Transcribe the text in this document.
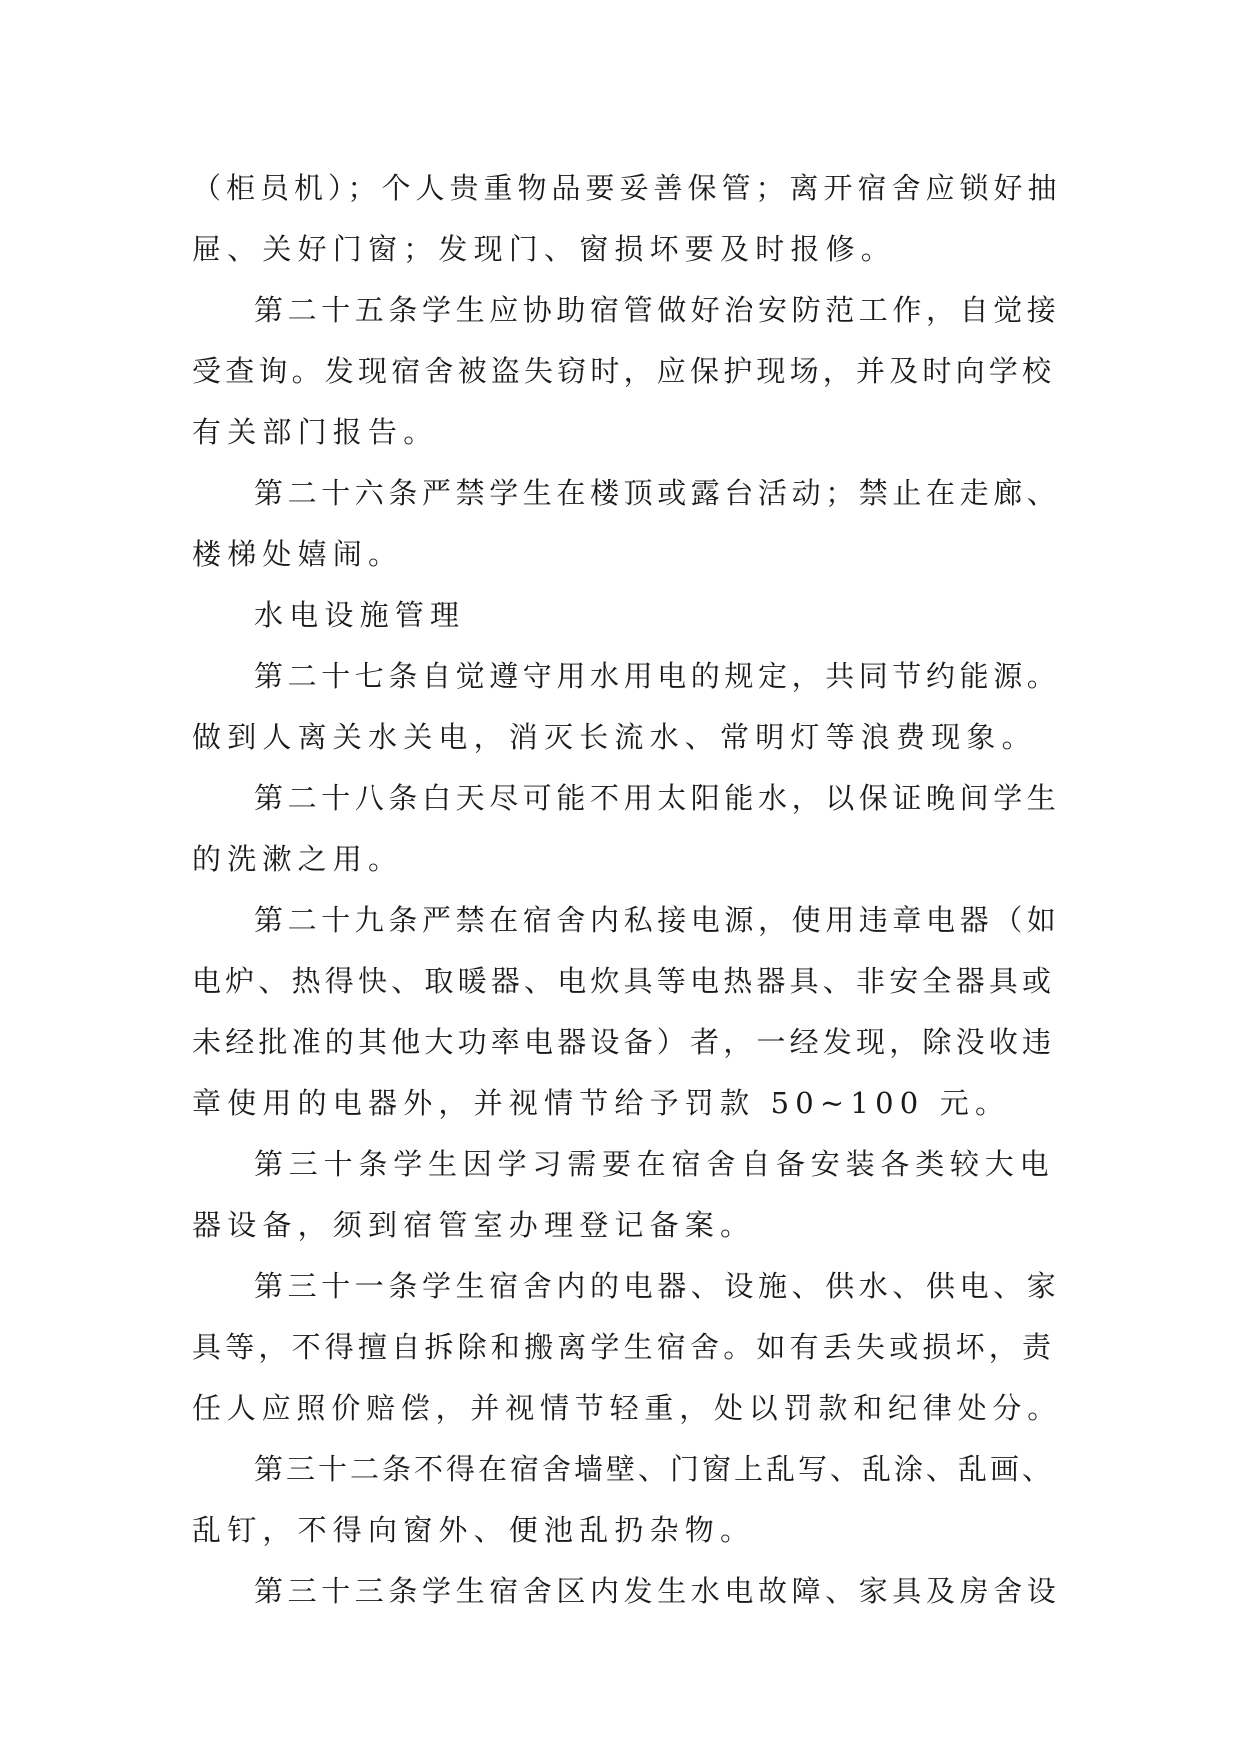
（柜员机）；个人贵重物品要妥善保管；离开宿舍应锁好抽
屉、关好门窗；发现门、窗损坏要及时报修。
第二十五条学生应协助宿管做好治安防范工作，自觉接
受查询。发现宿舍被盗失窃时，应保护现场，并及时向学校
有关部门报告。
第二十六条严禁学生在楼顶或露台活动；禁止在走廊、
楼梯处嬉闹。
水电设施管理
第二十七条自觉遵守用水用电的规定，共同节约能源。
做到人离关水关电，消灭长流水、常明灯等浪费现象。
第二十八条白天尽可能不用太阳能水，以保证晚间学生
的洗漱之用。
第二十九条严禁在宿舍内私接电源，使用违章电器（如
电炉、热得快、取暖器、电炊具等电热器具、非安全器具或
未经批准的其他大功率电器设备）者，一经发现，除没收违
章使用的电器外，并视情节给予罚款 50~100 元。
第三十条学生因学习需要在宿舍自备安装各类较大电
器设备，须到宿管室办理登记备案。
第三十一条学生宿舍内的电器、设施、供水、供电、家
具等，不得擅自拆除和搬离学生宿舍。如有丢失或损坏，责
任人应照价赔偿，并视情节轻重，处以罚款和纪律处分。
第三十二条不得在宿舍墙壁、门窗上乱写、乱涂、乱画、
乱钉，不得向窗外、便池乱扔杂物。
第三十三条学生宿舍区内发生水电故障、家具及房舍设
